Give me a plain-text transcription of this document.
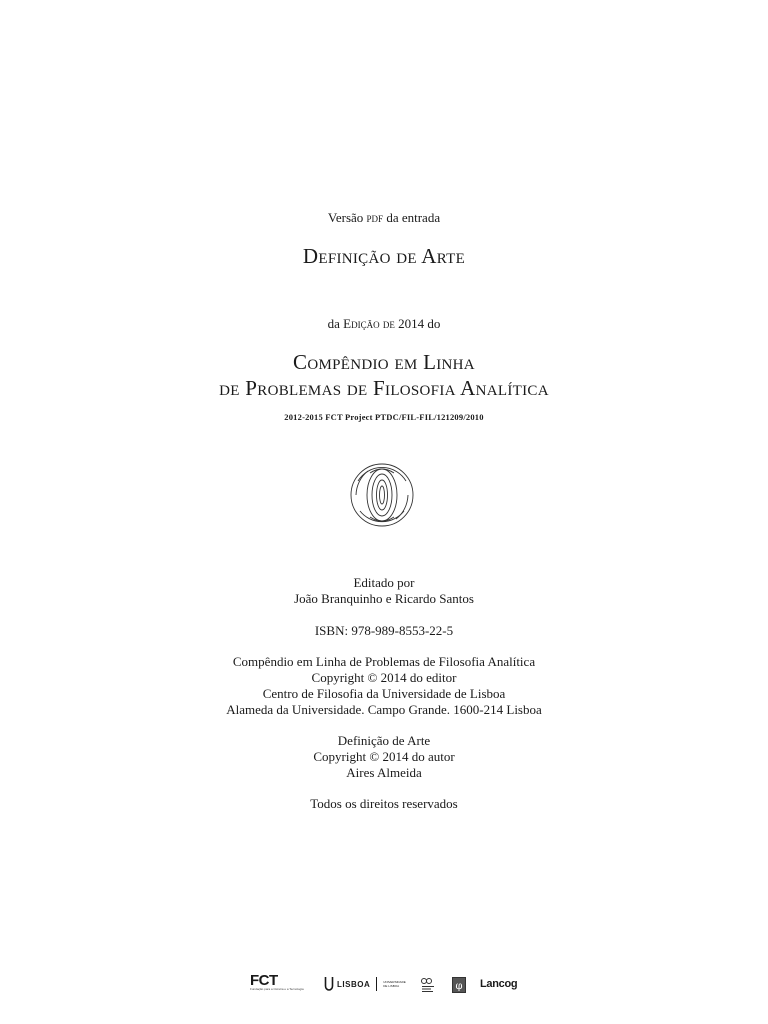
Versão pdf da entrada
Definição de Arte
da Edição de 2014 do
Compêndio em Linha
de Problemas de Filosofia Analítica
2012-2015 FCT Project PTDC/FIL-FIL/121209/2010
Editado por
João Branquinho e Ricardo Santos
ISBN: 978-989-8553-22-5
Compêndio em Linha de Problemas de Filosofia Analítica
Copyright © 2014 do editor
Centro de Filosofia da Universidade de Lisboa
Alameda da Universidade. Campo Grande. 1600-214 Lisboa
Definição de Arte
Copyright © 2014 do autor
Aires Almeida
Todos os direitos reservados
FCT
Fundação para a Ciência e a Tecnologia
LISBOA	UNIVERSIDADE
DE LISBOA	φ Lancog
